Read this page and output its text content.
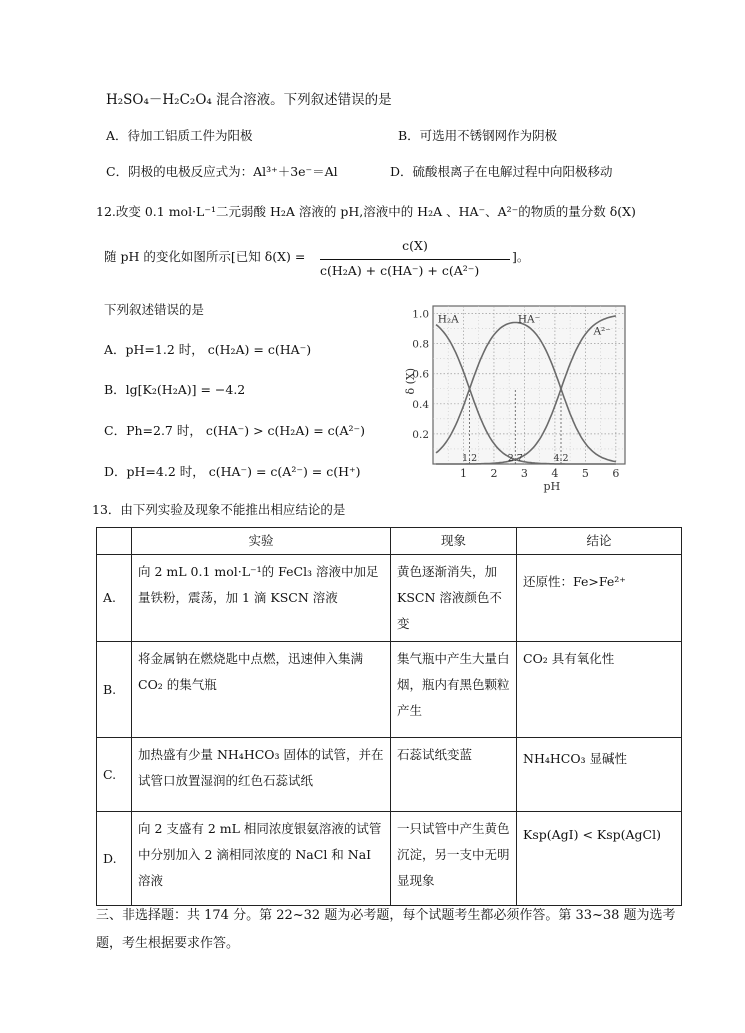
H₂SO₄－H₂C₂O₄ 混合溶液。下列叙述错误的是
A．待加工铝质工件为阳极	B．可选用不锈钢网作为阴极
C．阴极的电极反应式为：Al³⁺＋3e⁻＝Al	D．硫酸根离子在电解过程中向阳极移动
12.改变 0.1 mol·L⁻¹二元弱酸 H₂A 溶液的 pH,溶液中的 H₂A 、HA⁻、A²⁻的物质的量分数 δ(X)
随 pH 的变化如图所示[已知 δ(X) =
c(X)
c(H₂A) + c(HA⁻) + c(A²⁻)
]。
下列叙述错误的是
A．pH=1.2 时， c(H₂A) = c(HA⁻)
B．lg[K₂(H₂A)] = −4.2
C．Ph=2.7 时， c(HA⁻) > c(H₂A) = c(A²⁻)
D．pH=4.2 时， c(HA⁻) = c(A²⁻) = c(H⁺)	1 2 3 4 5 6
0.2
0.4
0.6
0.8
1.0
pH
δ (X)
1.2	2.7	4.2
H₂A	HA⁻
A²⁻
13．由下列实验及现象不能推出相应结论的是
	实验	现象	结论
A.	向 2 mL 0.1 mol·L⁻¹的 FeCl₃ 溶液中加足量铁粉，震荡，加 1 滴 KSCN 溶液	黄色逐渐消失，加 KSCN 溶液颜色不变	还原性：Fe>Fe²⁺
B.	将金属钠在燃烧匙中点燃，迅速伸入集满 CO₂ 的集气瓶	集气瓶中产生大量白烟，瓶内有黑色颗粒产生	CO₂ 具有氧化性
C.	加热盛有少量 NH₄HCO₃ 固体的试管，并在试管口放置湿润的红色石蕊试纸	石蕊试纸变蓝	NH₄HCO₃ 显碱性
D.	向 2 支盛有 2 mL 相同浓度银氨溶液的试管中分别加入 2 滴相同浓度的 NaCl 和 NaI 溶液	一只试管中产生黄色沉淀，另一支中无明显现象	Ksp(AgI) < Ksp(AgCl)
三、非选择题：共 174 分。第 22~32 题为必考题，每个试题考生都必须作答。第 33~38 题为选考题，考生根据要求作答。
